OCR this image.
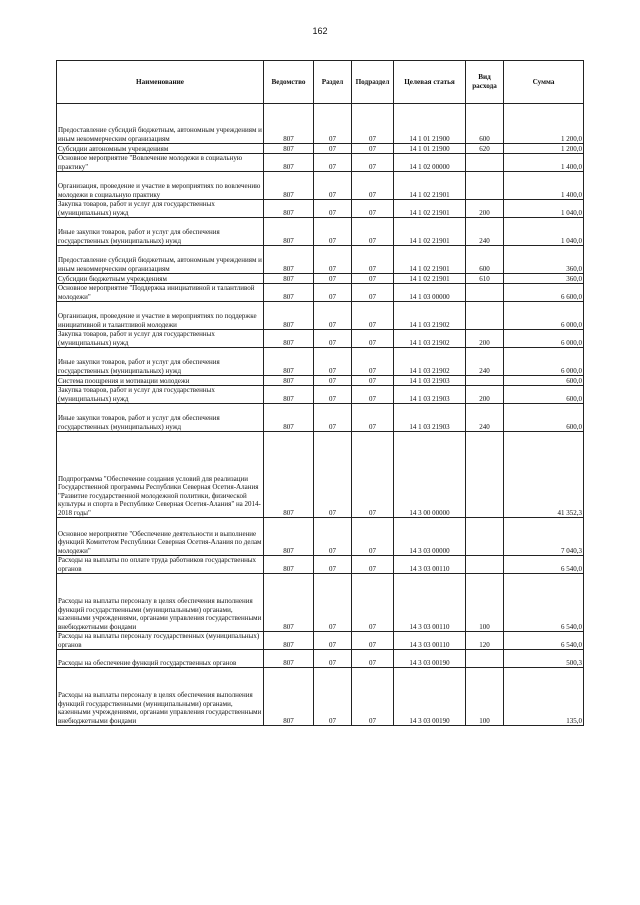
162
Наименование	Ведомство	Раздел	Подраздел	Целевая статья	Вид расхода	Сумма
Предоставление субсидий бюджетным, автономным учреждениям и иным некоммерческим организациям	807	07	07	14 1 01 21900	600	1 200,0
Субсидии автономным учреждениям	807	07	07	14 1 01 21900	620	1 200,0
Основное мероприятие "Вовлечение молодежи в социальную практику"	807	07	07	14 1 02 00000		1 400,0
Организация, проведение и участие в мероприятиях по вовлечению молодежи в социальную практику	807	07	07	14 1 02 21901		1 400,0
Закупка товаров, работ и услуг для государственных (муниципальных) нужд	807	07	07	14 1 02 21901	200	1 040,0
Иные закупки товаров, работ и услуг для обеспечения государственных (муниципальных) нужд	807	07	07	14 1 02 21901	240	1 040,0
Предоставление субсидий бюджетным, автономным учреждениям и иным некоммерческим организациям	807	07	07	14 1 02 21901	600	360,0
Субсидии бюджетным учреждениям	807	07	07	14 1 02 21901	610	360,0
Основное мероприятие "Поддержка инициативной и талантливой молодежи"	807	07	07	14 1 03 00000		6 600,0
Организация, проведение и участие в мероприятиях по поддержке инициативной и талантливой молодежи	807	07	07	14 1 03 21902		6 000,0
Закупка товаров, работ и услуг для государственных (муниципальных) нужд	807	07	07	14 1 03 21902	200	6 000,0
Иные закупки товаров, работ и услуг для обеспечения государственных (муниципальных) нужд	807	07	07	14 1 03 21902	240	6 000,0
Система поощрения и мотивации молодежи	807	07	07	14 1 03 21903		600,0
Закупка товаров, работ и услуг для государственных (муниципальных) нужд	807	07	07	14 1 03 21903	200	600,0
Иные закупки товаров, работ и услуг для обеспечения государственных (муниципальных) нужд	807	07	07	14 1 03 21903	240	600,0
Подпрограмма "Обеспечение создания условий для реализации Государственной программы Республики Северная Осетия-Алания "Развитие государственной молодежной политики, физической культуры и спорта в Республике Северная Осетия-Алания" на 2014-2018 годы"	807	07	07	14 3 00 00000		41 352,3
Основное мероприятие "Обеспечение деятельности и выполнение функций Комитетом Республики Северная Осетия-Алания по делам молодежи"	807	07	07	14 3 03 00000		7 040,3
Расходы на выплаты по оплате труда работников государственных органов	807	07	07	14 3 03 00110		6 540,0
Расходы на выплаты персоналу в целях обеспечения выполнения функций государственными (муниципальными) органами, казенными учреждениями, органами управления государственными внебюджетными фондами	807	07	07	14 3 03 00110	100	6 540,0
Расходы на выплаты персоналу государственных (муниципальных) органов	807	07	07	14 3 03 00110	120	6 540,0
Расходы на обеспечение функций государственных органов	807	07	07	14 3 03 00190		500,3
Расходы на выплаты персоналу в целях обеспечения выполнения функций государственными (муниципальными) органами, казенными учреждениями, органами управления государственными внебюджетными фондами	807	07	07	14 3 03 00190	100	135,0
